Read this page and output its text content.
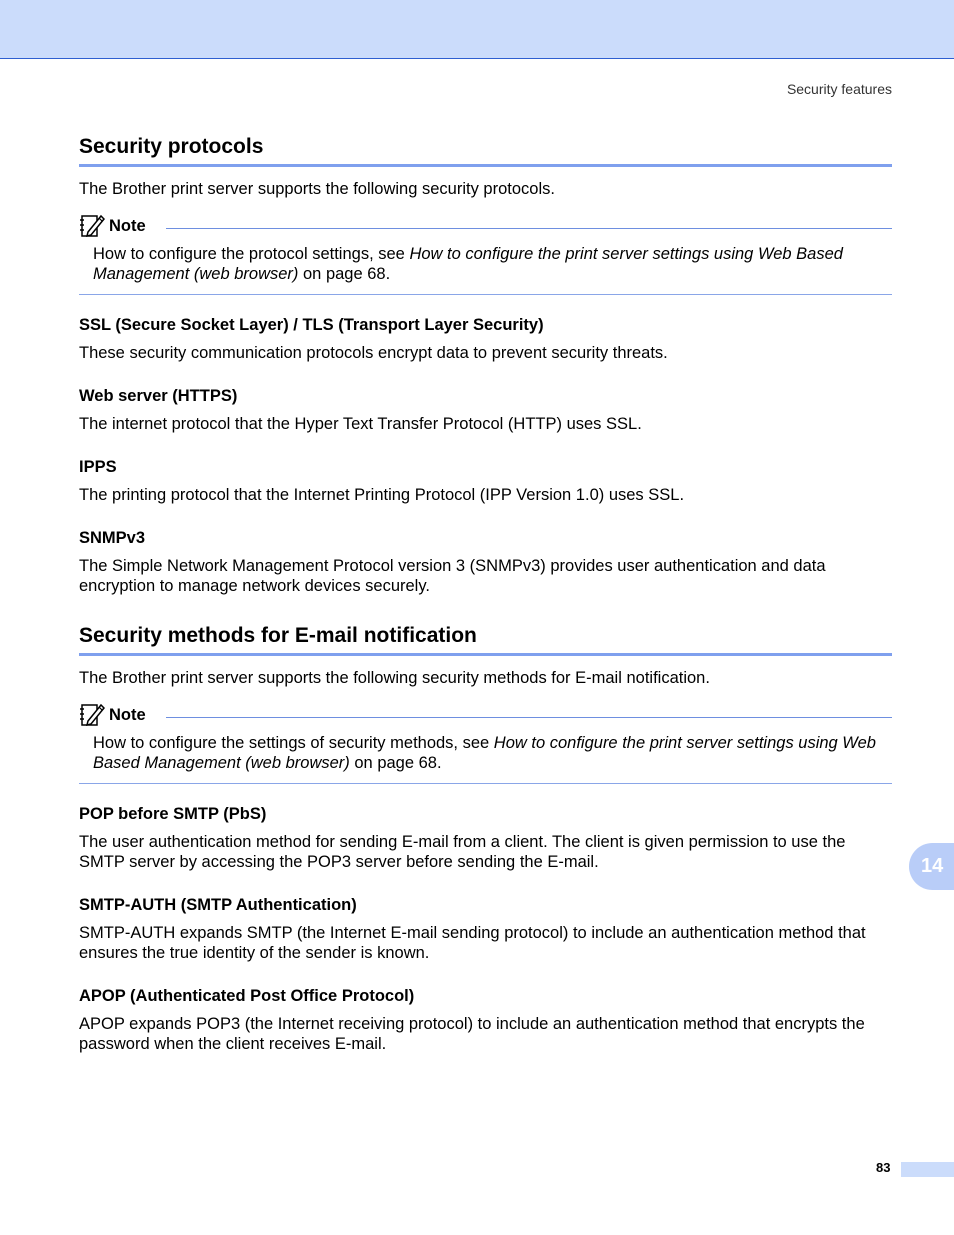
Security features
Security protocols

The Brother print server supports the following security protocols.

Note

How to configure the protocol settings, see How to configure the print server settings using Web Based Management (web browser) on page 68.

SSL (Secure Socket Layer) / TLS (Transport Layer Security)

These security communication protocols encrypt data to prevent security threats.

Web server (HTTPS)

The internet protocol that the Hyper Text Transfer Protocol (HTTP) uses SSL.

IPPS

The printing protocol that the Internet Printing Protocol (IPP Version 1.0) uses SSL.

SNMPv3

The Simple Network Management Protocol version 3 (SNMPv3) provides user authentication and data encryption to manage network devices securely.

Security methods for E-mail notification

The Brother print server supports the following security methods for E-mail notification.

Note

How to configure the settings of security methods, see How to configure the print server settings using Web Based Management (web browser) on page 68.

POP before SMTP (PbS)

The user authentication method for sending E-mail from a client. The client is given permission to use the SMTP server by accessing the POP3 server before sending the E-mail.

SMTP-AUTH (SMTP Authentication)

SMTP-AUTH expands SMTP (the Internet E-mail sending protocol) to include an authentication method that ensures the true identity of the sender is known.

APOP (Authenticated Post Office Protocol)

APOP expands POP3 (the Internet receiving protocol) to include an authentication method that encrypts the password when the client receives E-mail.

14
83
